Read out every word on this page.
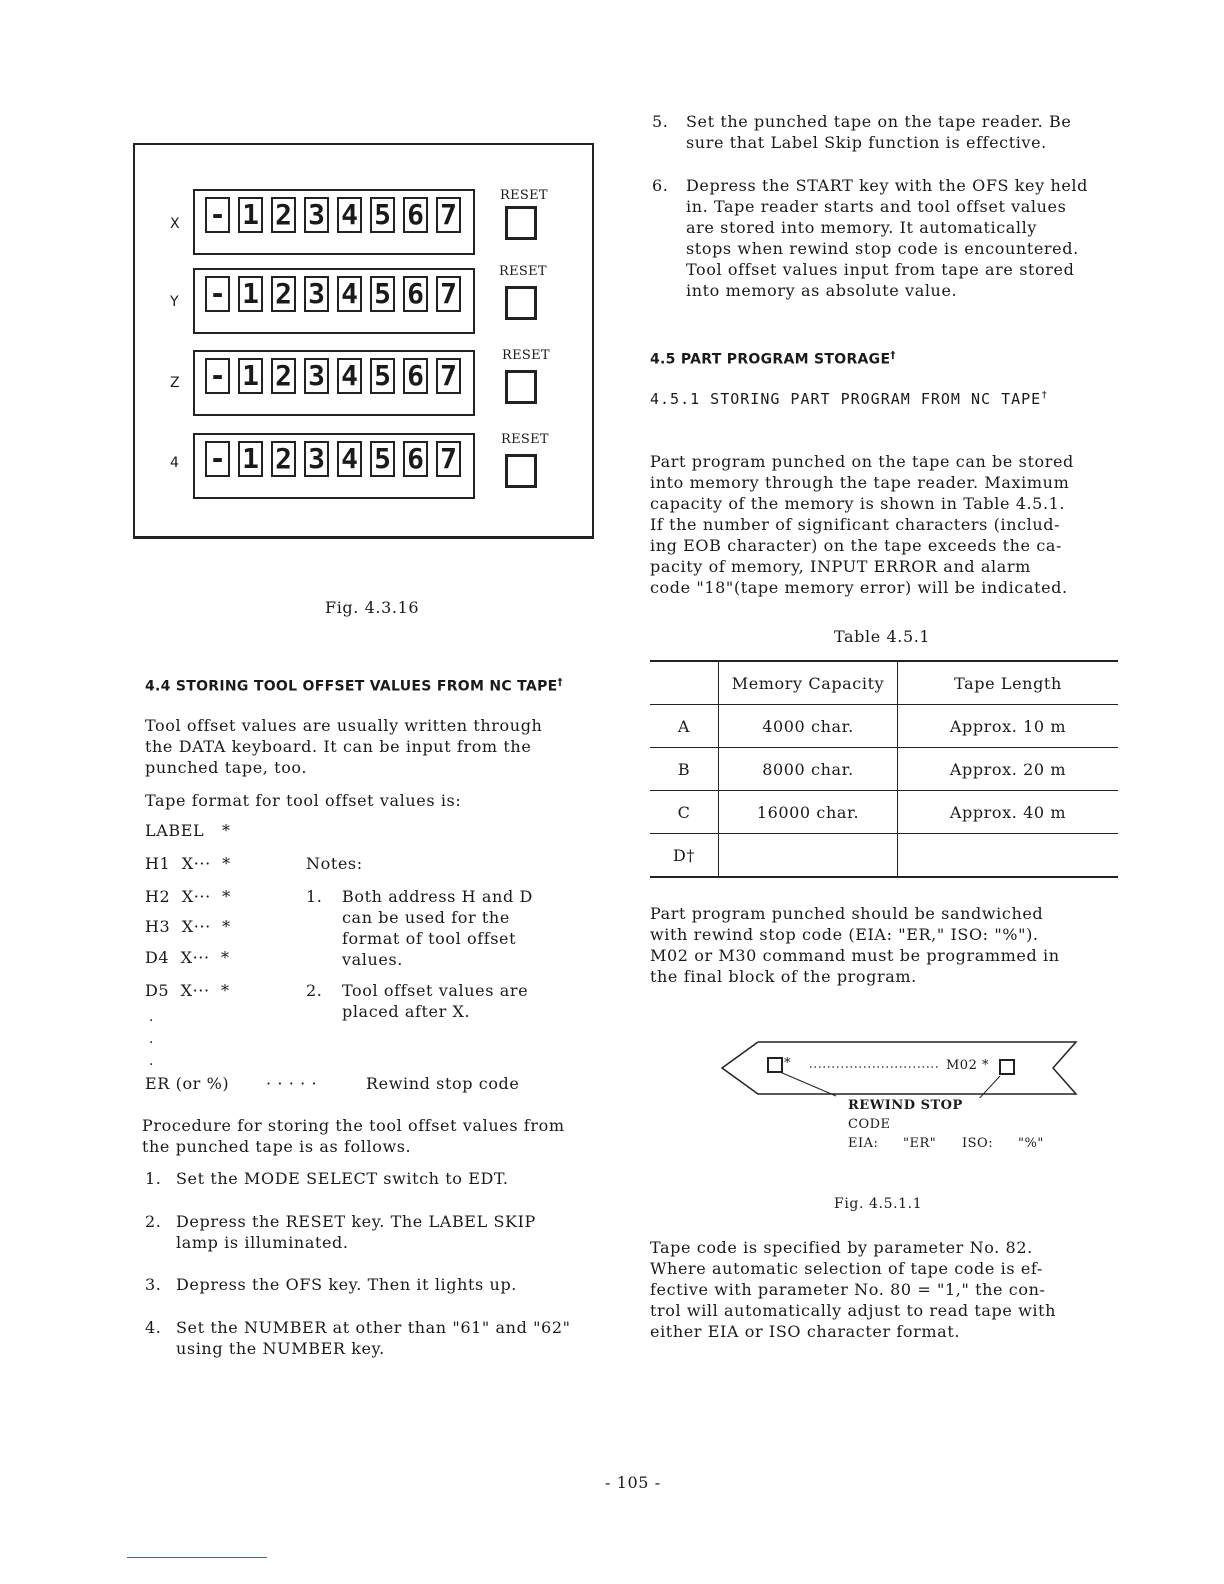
X - 1 2 3 4 5 6 7
RESET
Y - 1 2 3 4 5 6 7
RESET
Z - 1 2 3 4 5 6 7
RESET
4 - 1 2 3 4 5 6 7
RESET
Fig. 4.3.16
4.4 STORING TOOL OFFSET VALUES FROM NC TAPE†
Tool offset values are usually written through
the DATA keyboard. It can be input from the
punched tape, too.
Tape format for tool offset values is:
LABEL *
H1  X··· *
H2  X··· *
H3  X··· *
D4  X··· *
D5  X··· *
·
·
·
Notes:
1. Both address H and D
can be used for the
format of tool offset
values.
2. Tool offset values are
placed after X.
ER (or %) · · · · ·	Rewind stop code
Procedure for storing the tool offset values from
the punched tape is as follows.
1. Set the MODE SELECT switch to EDT.
2. Depress the RESET key. The LABEL SKIP
lamp is illuminated.
3. Depress the OFS key. Then it lights up.
4. Set the NUMBER at other than "61" and "62"
using the NUMBER key.
5. Set the punched tape on the tape reader. Be
sure that Label Skip function is effective.
6. Depress the START key with the OFS key held
in. Tape reader starts and tool offset values
are stored into memory. It automatically
stops when rewind stop code is encountered.
Tool offset values input from tape are stored
into memory as absolute value.
4.5 PART PROGRAM STORAGE†
4.5.1 STORING PART PROGRAM FROM NC TAPE†
Part program punched on the tape can be stored
into memory through the tape reader. Maximum
capacity of the memory is shown in Table 4.5.1.
If the number of significant characters (includ-
ing EOB character) on the tape exceeds the ca-
pacity of memory, INPUT ERROR and alarm
code "18"(tape memory error) will be indicated.
Table 4.5.1
	Memory Capacity	Tape Length
A	4000 char.	Approx. 10 m
B	8000 char.	Approx. 20 m
C	16000 char.	Approx. 40 m
D†		
Part program punched should be sandwiched
with rewind stop code (EIA: "ER," ISO: "%").
M02 or M30 command must be programmed in
the final block of the program.
*	M02 *
REWIND STOP
CODE
EIA: "ER" ISO: "%"
Fig. 4.5.1.1
Tape code is specified by parameter No. 82.
Where automatic selection of tape code is ef-
fective with parameter No. 80 = "1," the con-
trol will automatically adjust to read tape with
either EIA or ISO character format.
- 105 -
